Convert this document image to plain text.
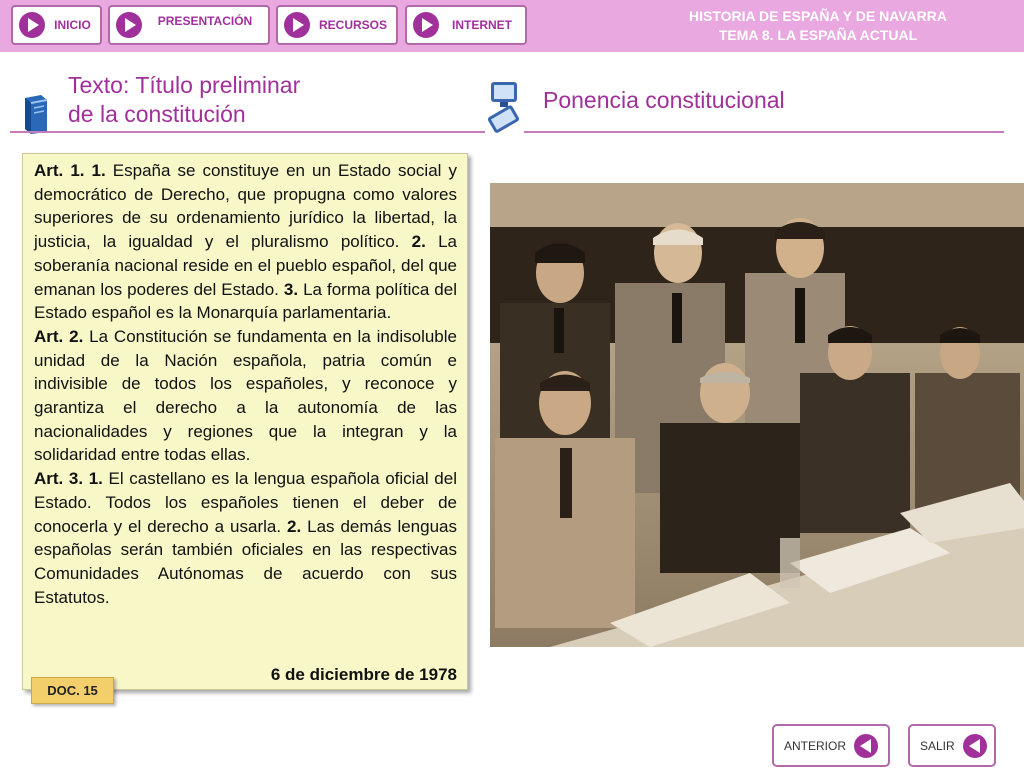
INICIO	PRESENTACIÓN	RECURSOS	INTERNET
HISTORIA DE ESPAÑA Y DE NAVARRA
TEMA 8. LA ESPAÑA ACTUAL
Texto: Título preliminar
de la constitución
Ponencia constitucional
Art. 1. 1. España se constituye en un Estado social y democrático de Derecho, que propugna como valores superiores de su ordenamiento jurídico la libertad, la justicia, la igualdad y el pluralismo político. 2. La soberanía nacional reside en el pueblo español, del que emanan los poderes del Estado. 3. La forma política del Estado español es la Monarquía parlamentaria.
Art. 2. La Constitución se fundamenta en la indisoluble unidad de la Nación española, patria común e indivisible de todos los españoles, y reconoce y garantiza el derecho a la autonomía de las nacionalidades y regiones que la integran y la solidaridad entre todas ellas.
Art. 3. 1. El castellano es la lengua española oficial del Estado. Todos los españoles tienen el deber de conocerla y el derecho a usarla. 2. Las demás lenguas españolas serán también oficiales en las respectivas Comunidades Autónomas de acuerdo con sus Estatutos.
6 de diciembre de 1978
DOC. 15
ANTERIOR	SALIR
